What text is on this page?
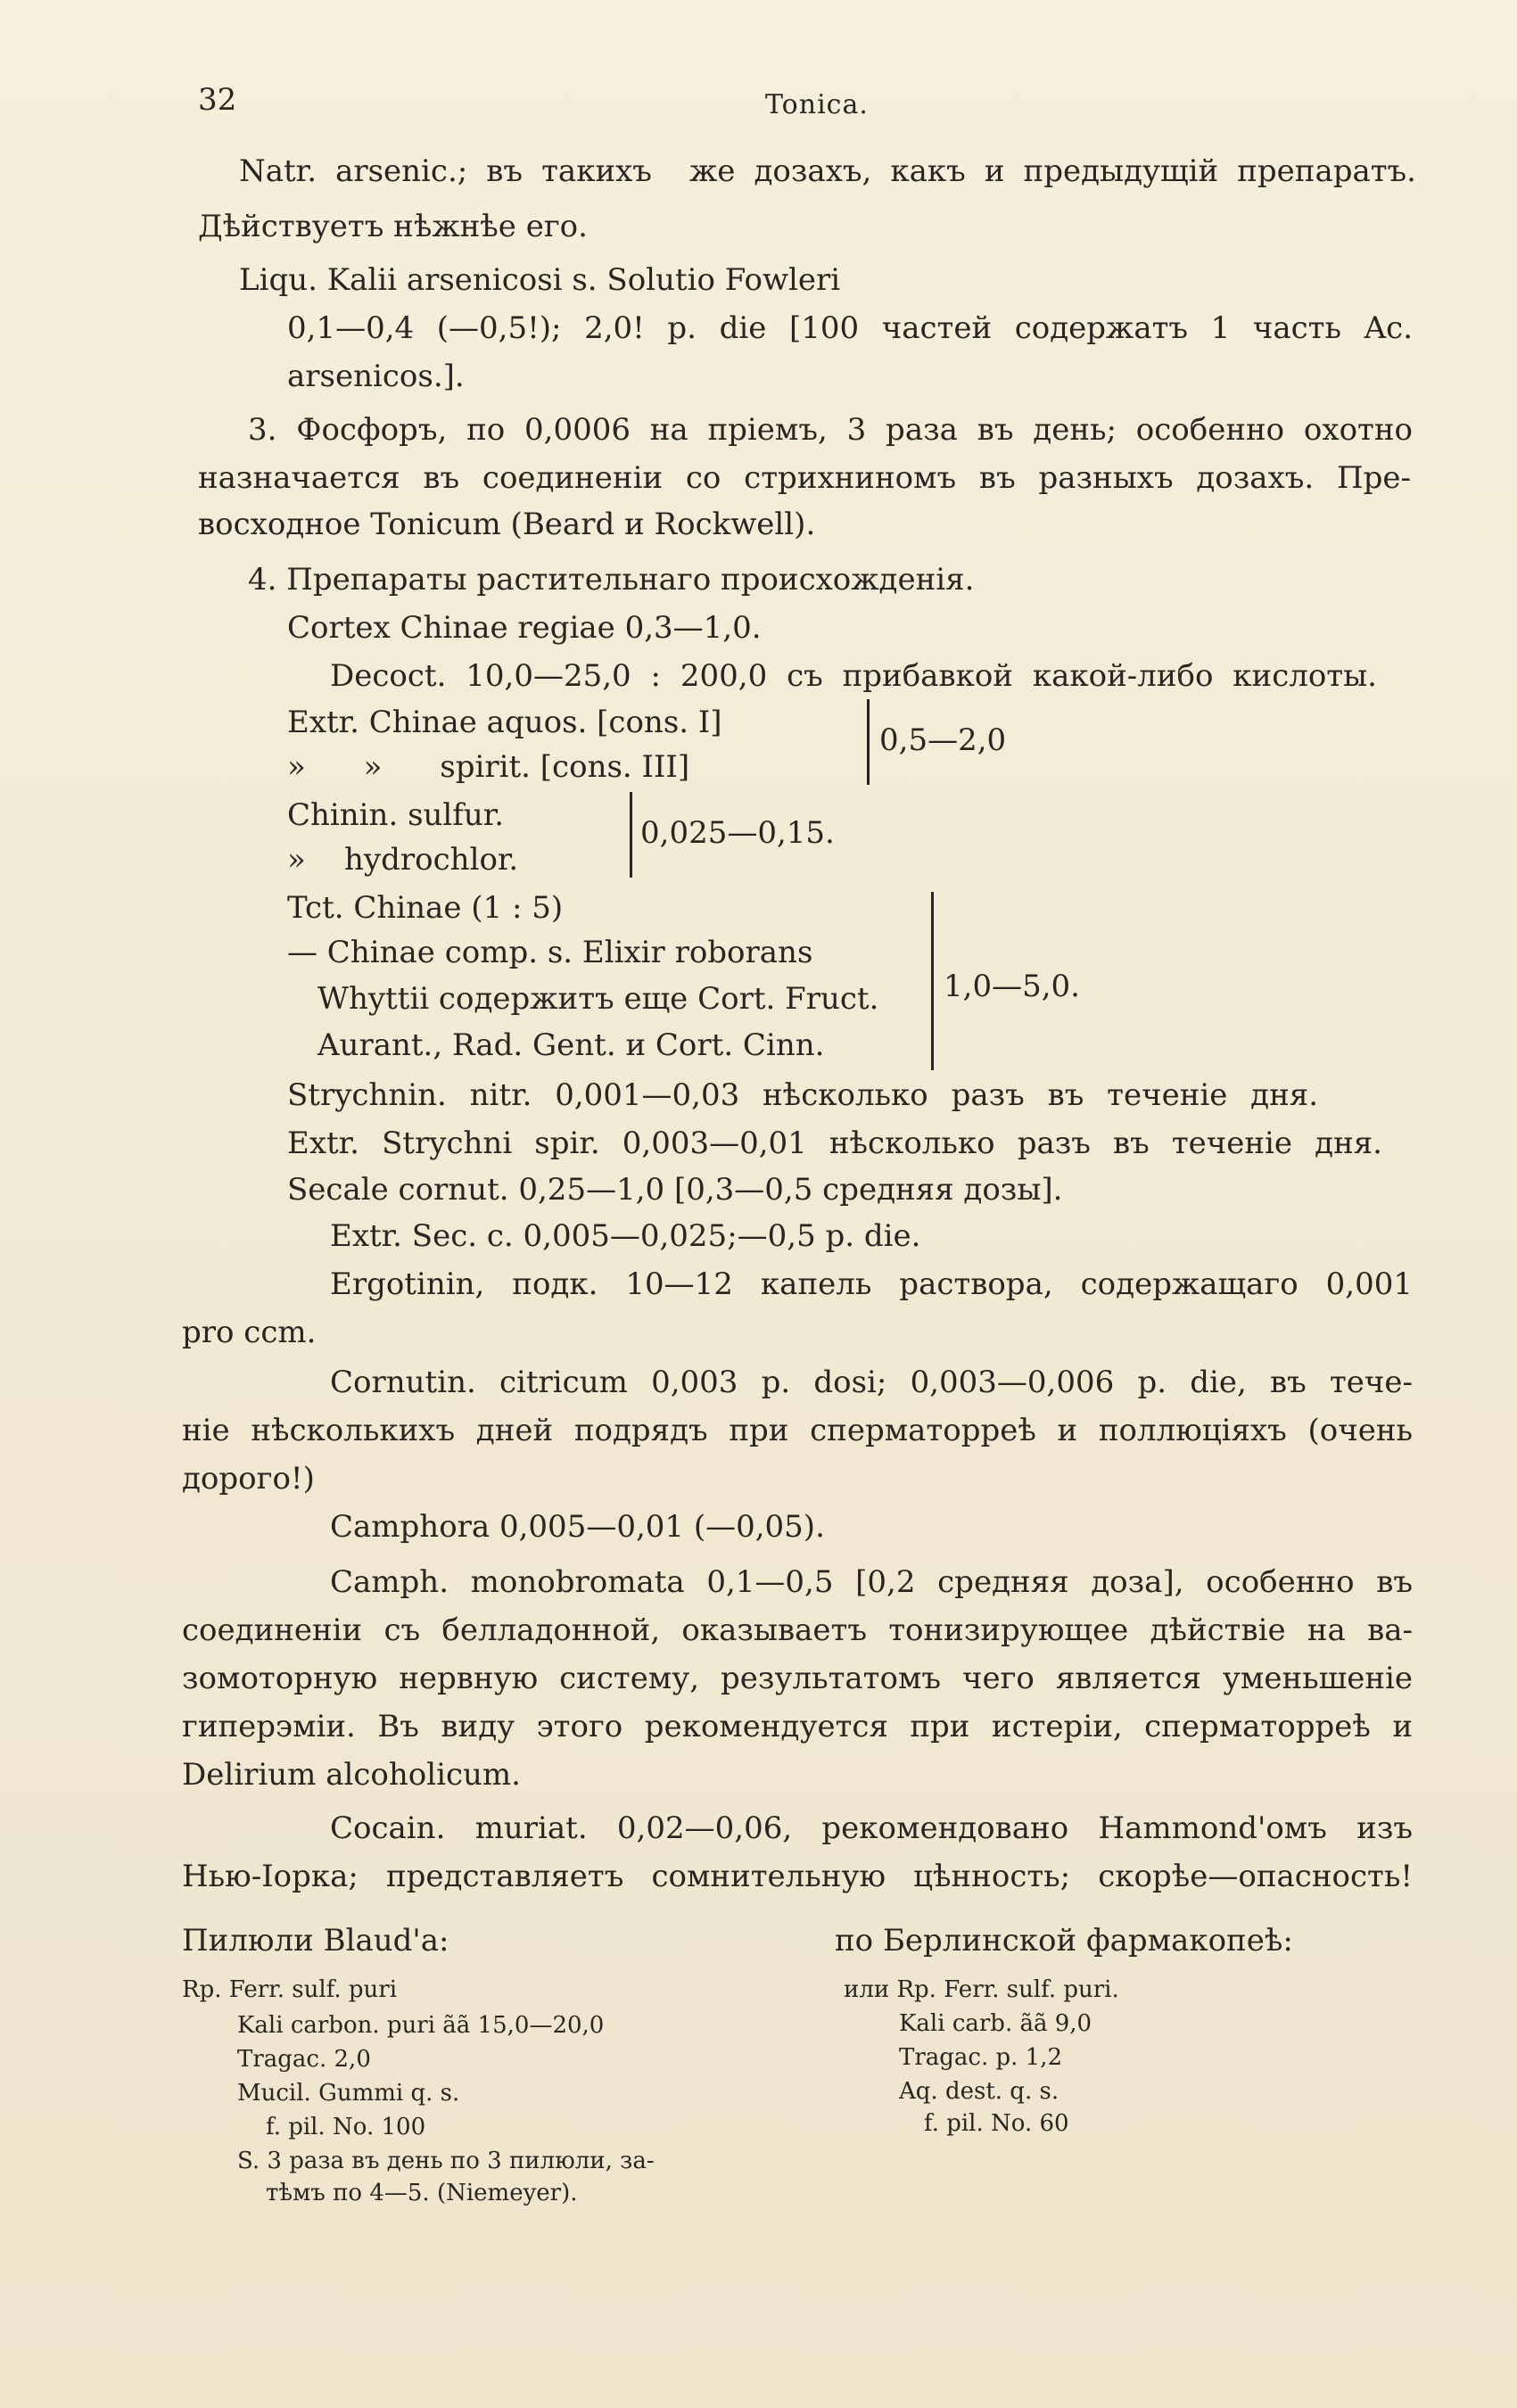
32	Tonica.
Natr. arsenic.; въ такихъ  же дозахъ, какъ и предыдущій препаратъ.
Дѣйствуетъ нѣжнѣе его.
Liqu. Kalii arsenicosi s. Solutio Fowleri
0,1—0,4 (—0,5!); 2,0! p. die [100 частей содержатъ 1 часть Ac.
arsenicos.].
3. Фосфоръ, по 0,0006 на пріемъ, 3 раза въ день; особенно охотно
назначается въ соединеніи со стрихниномъ въ разныхъ дозахъ. Пре-
восходное Tonicum (Beard и Rockwell).
4. Препараты растительнаго происхожденія.
Cortex Chinae regiae 0,3—1,0.
Decoct. 10,0—25,0 : 200,0 съ прибавкой какой-либо кислоты.
Extr. Chinae aquos. [cons. I]
»      »      spirit. [cons. III]
0,5—2,0
Chinin. sulfur.
»    hydrochlor.
0,025—0,15.
Tct. Chinae (1 : 5)
— Chinae comp. s. Elixir roborans
Whyttii содержитъ еще Cort. Fruct.
Aurant., Rad. Gent. и Cort. Cinn.
1,0—5,0.
Strychnin. nitr. 0,001—0,03 нѣсколько разъ въ теченіе дня.
Extr. Strychni spir. 0,003—0,01 нѣсколько разъ въ теченіе дня.
Secale cornut. 0,25—1,0 [0,3—0,5 средняя дозы].
Extr. Sec. c. 0,005—0,025;—0,5 p. die.
Ergotinin, подк. 10—12 капель раствора, содержащаго 0,001
pro ccm.
Cornutin. citricum 0,003 p. dosi; 0,003—0,006 p. die, въ тече-
ніе нѣсколькихъ дней подрядъ при сперматорреѣ и поллюціяхъ (очень
дорого!)
Camphora 0,005—0,01 (—0,05).
Camph. monobromata 0,1—0,5 [0,2 средняя доза], особенно въ
соединеніи съ белладонной, оказываетъ тонизирующее дѣйствіе на ва-
зомоторную нервную систему, результатомъ чего является уменьшеніе
гиперэміи. Въ виду этого рекомендуется при истеріи, сперматорреѣ и
Delirium alcoholicum.
Cocain. muriat. 0,02—0,06, рекомендовано Hammond'омъ изъ
Нью-Іорка; представляетъ сомнительную цѣнность; скорѣе—опасность!
Пилюли Blaud'a:	по Берлинской фармакопеѣ:
Rp. Ferr. sulf. puri
Kali carbon. puri ãã 15,0—20,0
Tragac. 2,0
Mucil. Gummi q. s.
f. pil. No. 100
S. 3 раза въ день по 3 пилюли, за-
тѣмъ по 4—5. (Niemeyer).
или Rp. Ferr. sulf. puri.
Kali carb. ãã 9,0
Tragac. p. 1,2
Aq. dest. q. s.
f. pil. No. 60
